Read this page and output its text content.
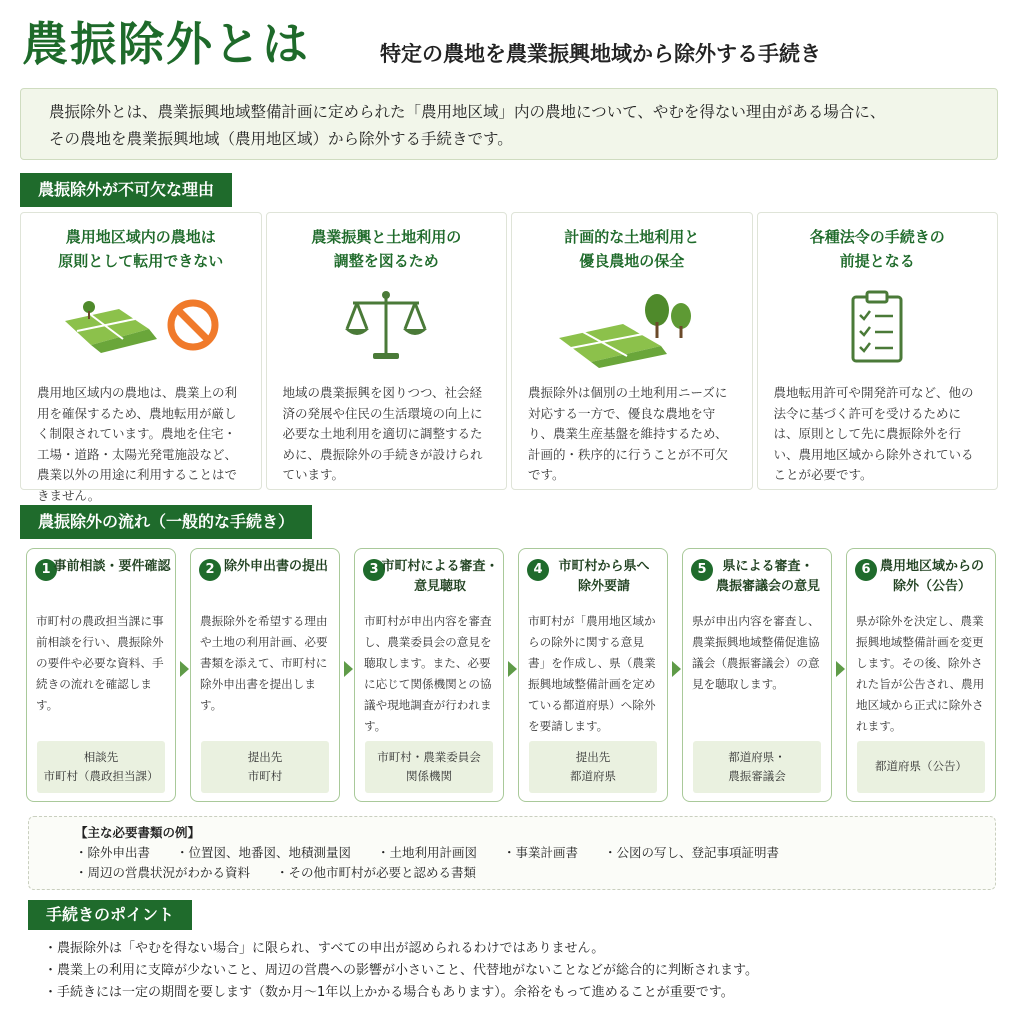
農振除外とは	特定の農地を農業振興地域から除外する手続き
農振除外とは、農業振興地域整備計画に定められた「農用地区域」内の農地について、やむを得ない理由がある場合に、
その農地を農業振興地域（農用地区域）から除外する手続きです。
農振除外が不可欠な理由
農用地区域内の農地は
原則として転用できない
農用地区域内の農地は、農業上の利用を確保するため、農地転用が厳しく制限されています。農地を住宅・工場・道路・太陽光発電施設など、農業以外の用途に利用することはできません。
農業振興と土地利用の
調整を図るため
地域の農業振興を図りつつ、社会経済の発展や住民の生活環境の向上に必要な土地利用を適切に調整するために、農振除外の手続きが設けられています。
計画的な土地利用と
優良農地の保全
農振除外は個別の土地利用ニーズに対応する一方で、優良な農地を守り、農業生産基盤を維持するため、計画的・秩序的に行うことが不可欠です。
各種法令の手続きの
前提となる
農地転用許可や開発許可など、他の法令に基づく許可を受けるためには、原則として先に農振除外を行い、農用地区域から除外されていることが必要です。
農振除外の流れ（一般的な手続き）
1 事前相談・要件確認
市町村の農政担当課に事前相談を行い、農振除外の要件や必要な資料、手続きの流れを確認します。
相談先
市町村（農政担当課）
2 除外申出書の提出
農振除外を希望する理由や土地の利用計画、必要書類を添えて、市町村に除外申出書を提出します。
提出先
市町村
3 市町村による審査・
意見聴取
市町村が申出内容を審査し、農業委員会の意見を聴取します。また、必要に応じて関係機関との協議や現地調査が行われます。
市町村・農業委員会
関係機関
4	市町村から県へ
除外要請
市町村が「農用地区域からの除外に関する意見書」を作成し、県（農業振興地域整備計画を定めている都道府県）へ除外を要請します。
提出先
都道府県
5	県による審査・
農振審議会の意見
県が申出内容を審査し、農業振興地域整備促進協議会（農振審議会）の意見を聴取します。
都道府県・
農振審議会
6 農用地区域からの
除外（公告）
県が除外を決定し、農業振興地域整備計画を変更します。その後、除外された旨が公告され、農用地区域から正式に除外されます。
都道府県（公告）
【主な必要書類の例】
・除外申出書 ・位置図、地番図、地積測量図 ・土地利用計画図 ・事業計画書 ・公図の写し、登記事項証明書
・周辺の営農状況がわかる資料 ・その他市町村が必要と認める書類
手続きのポイント
・農振除外は「やむを得ない場合」に限られ、すべての申出が認められるわけではありません。
・農業上の利用に支障が少ないこと、周辺の営農への影響が小さいこと、代替地がないことなどが総合的に判断されます。
・手続きには一定の期間を要します（数か月〜1年以上かかる場合もあります）。余裕をもって進めることが重要です。
